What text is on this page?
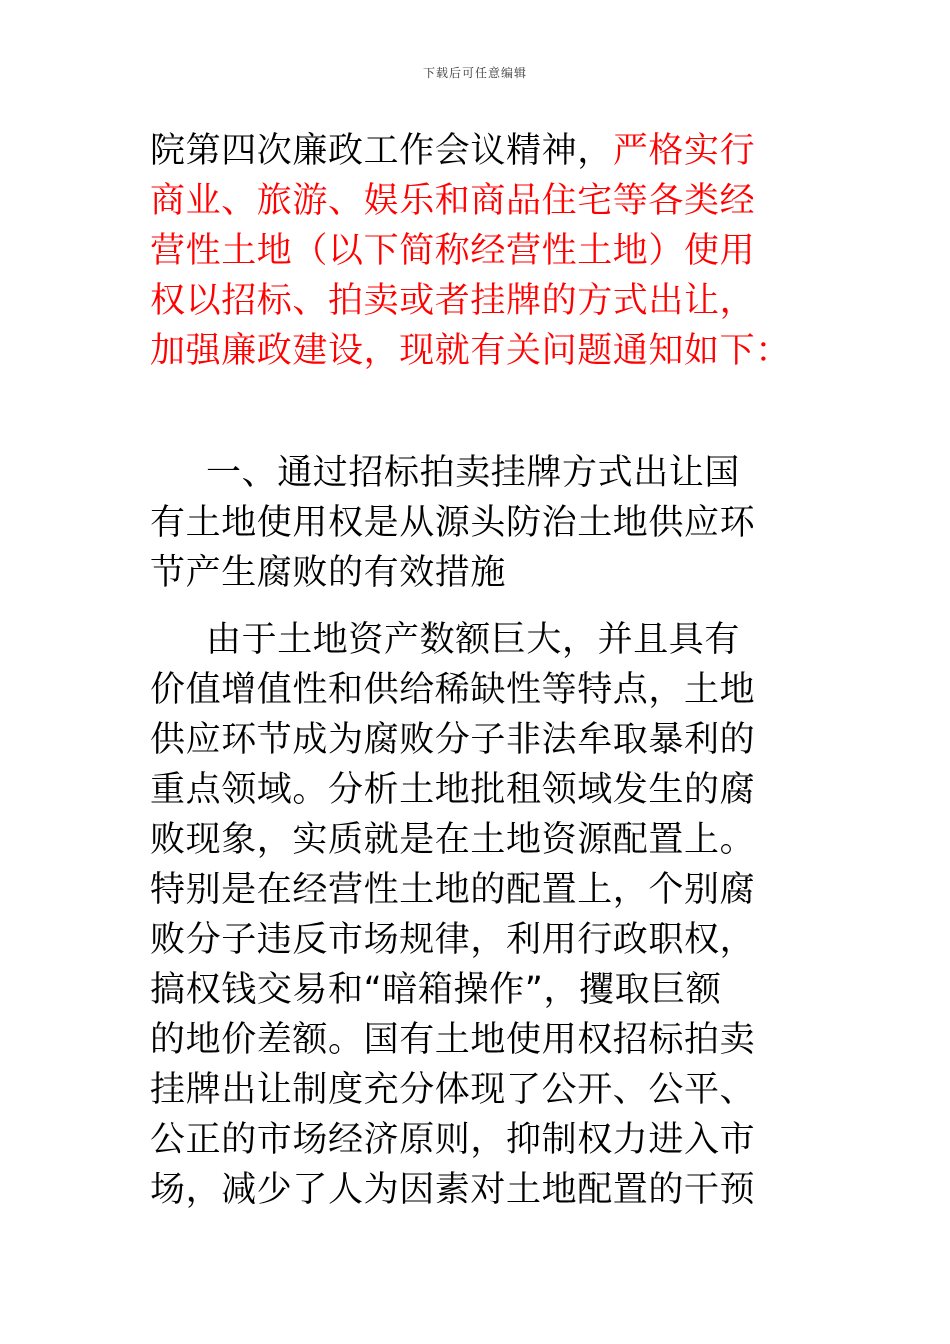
下载后可任意编辑
院第四次廉政工作会议精神，严格实行
商业、旅游、娱乐和商品住宅等各类经
营性土地（以下简称经营性土地）使用
权以招标、拍卖或者挂牌的方式出让，
加强廉政建设，现就有关问题通知如下：
一、通过招标拍卖挂牌方式出让国
有土地使用权是从源头防治土地供应环
节产生腐败的有效措施
由于土地资产数额巨大，并且具有
价值增值性和供给稀缺性等特点，土地
供应环节成为腐败分子非法牟取暴利的
重点领域。分析土地批租领域发生的腐
败现象，实质就是在土地资源配置上。
特别是在经营性土地的配置上，个别腐
败分子违反市场规律，利用行政职权，
搞权钱交易和“暗箱操作”，攫取巨额
的地价差额。国有土地使用权招标拍卖
挂牌出让制度充分体现了公开、公平、
公正的市场经济原则，抑制权力进入市
场，减少了人为因素对土地配置的干预
